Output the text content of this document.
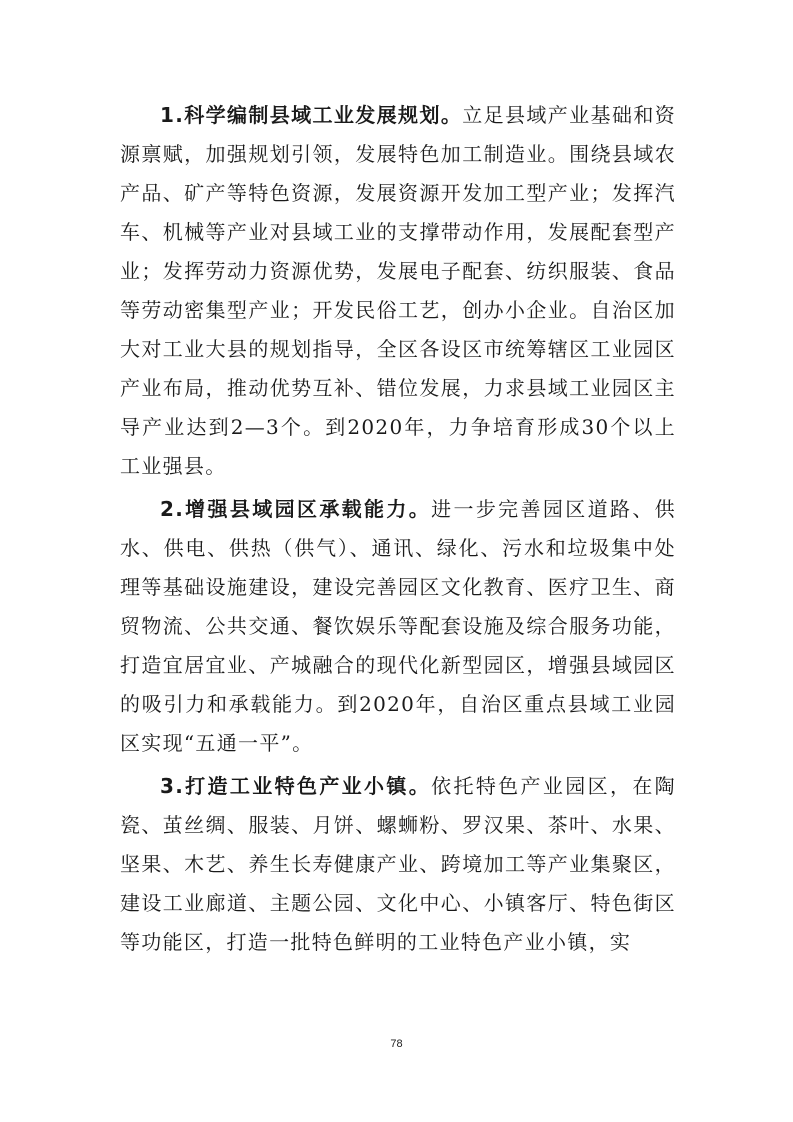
1.科学编制县域工业发展规划。立足县域产业基础和资源禀赋，加强规划引领，发展特色加工制造业。围绕县域农产品、矿产等特色资源，发展资源开发加工型产业；发挥汽车、机械等产业对县域工业的支撑带动作用，发展配套型产业；发挥劳动力资源优势，发展电子配套、纺织服装、食品等劳动密集型产业；开发民俗工艺，创办小企业。自治区加大对工业大县的规划指导，全区各设区市统筹辖区工业园区产业布局，推动优势互补、错位发展，力求县域工业园区主导产业达到2—3个。到2020年，力争培育形成30个以上工业强县。

2.增强县域园区承载能力。进一步完善园区道路、供水、供电、供热（供气）、通讯、绿化、污水和垃圾集中处理等基础设施建设，建设完善园区文化教育、医疗卫生、商贸物流、公共交通、餐饮娱乐等配套设施及综合服务功能，打造宜居宜业、产城融合的现代化新型园区，增强县域园区的吸引力和承载能力。到2020年，自治区重点县域工业园区实现“五通一平”。

3.打造工业特色产业小镇。依托特色产业园区，在陶瓷、茧丝绸、服装、月饼、螺蛳粉、罗汉果、茶叶、水果、坚果、木艺、养生长寿健康产业、跨境加工等产业集聚区，建设工业廊道、主题公园、文化中心、小镇客厅、特色街区等功能区，打造一批特色鲜明的工业特色产业小镇，实

78
